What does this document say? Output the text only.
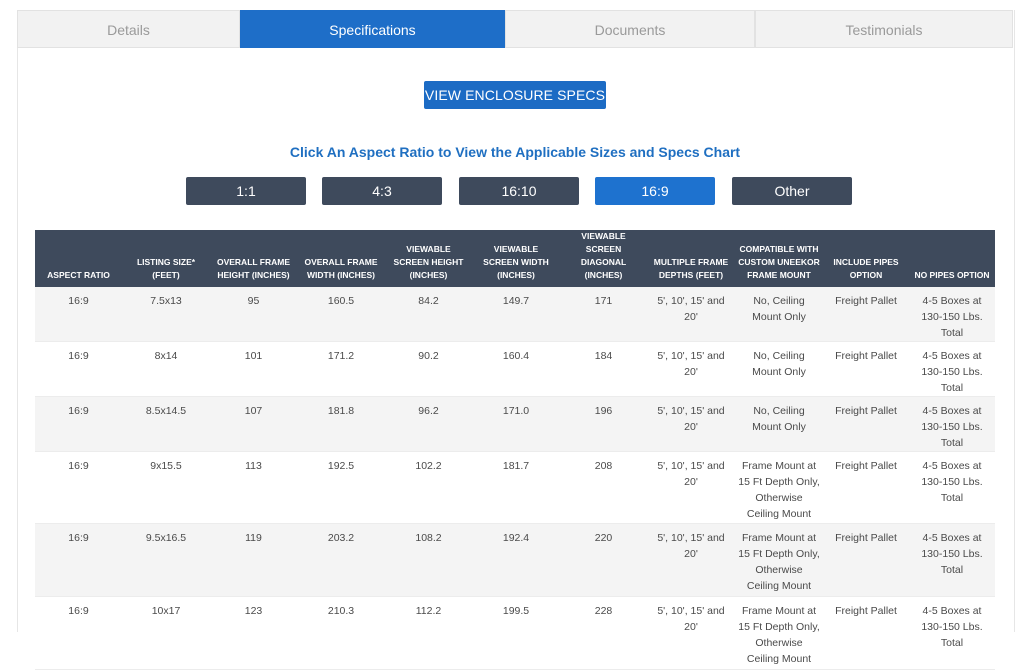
Details	Specifications	Documents	Testimonials
VIEW ENCLOSURE SPECS
Click An Aspect Ratio to View the Applicable Sizes and Specs Chart
1:1	4:3	16:10	16:9	Other
ASPECT RATIO	LISTING SIZE* (FEET)	OVERALL FRAME HEIGHT (INCHES)	OVERALL FRAME WIDTH (INCHES)	VIEWABLE SCREEN HEIGHT (INCHES)	VIEWABLE SCREEN WIDTH (INCHES)	VIEWABLE SCREEN DIAGONAL (INCHES)	MULTIPLE FRAME DEPTHS (FEET)	COMPATIBLE WITH CUSTOM UNEEKOR FRAME MOUNT	INCLUDE PIPES OPTION	NO PIPES OPTION
16:9	7.5x13	95	160.5	84.2	149.7	171	5', 10', 15' and 20'	No, Ceiling Mount Only	Freight Pallet	4-5 Boxes at 130-150 Lbs. Total
16:9	8x14	101	171.2	90.2	160.4	184	5', 10', 15' and 20'	No, Ceiling Mount Only	Freight Pallet	4-5 Boxes at 130-150 Lbs. Total
16:9	8.5x14.5	107	181.8	96.2	171.0	196	5', 10', 15' and 20'	No, Ceiling Mount Only	Freight Pallet	4-5 Boxes at 130-150 Lbs. Total
16:9	9x15.5	113	192.5	102.2	181.7	208	5', 10', 15' and 20'	Frame Mount at 15 Ft Depth Only, Otherwise Ceiling Mount	Freight Pallet	4-5 Boxes at 130-150 Lbs. Total
16:9	9.5x16.5	119	203.2	108.2	192.4	220	5', 10', 15' and 20'	Frame Mount at 15 Ft Depth Only, Otherwise Ceiling Mount	Freight Pallet	4-5 Boxes at 130-150 Lbs. Total
16:9	10x17	123	210.3	112.2	199.5	228	5', 10', 15' and 20'	Frame Mount at 15 Ft Depth Only, Otherwise Ceiling Mount	Freight Pallet	4-5 Boxes at 130-150 Lbs. Total
